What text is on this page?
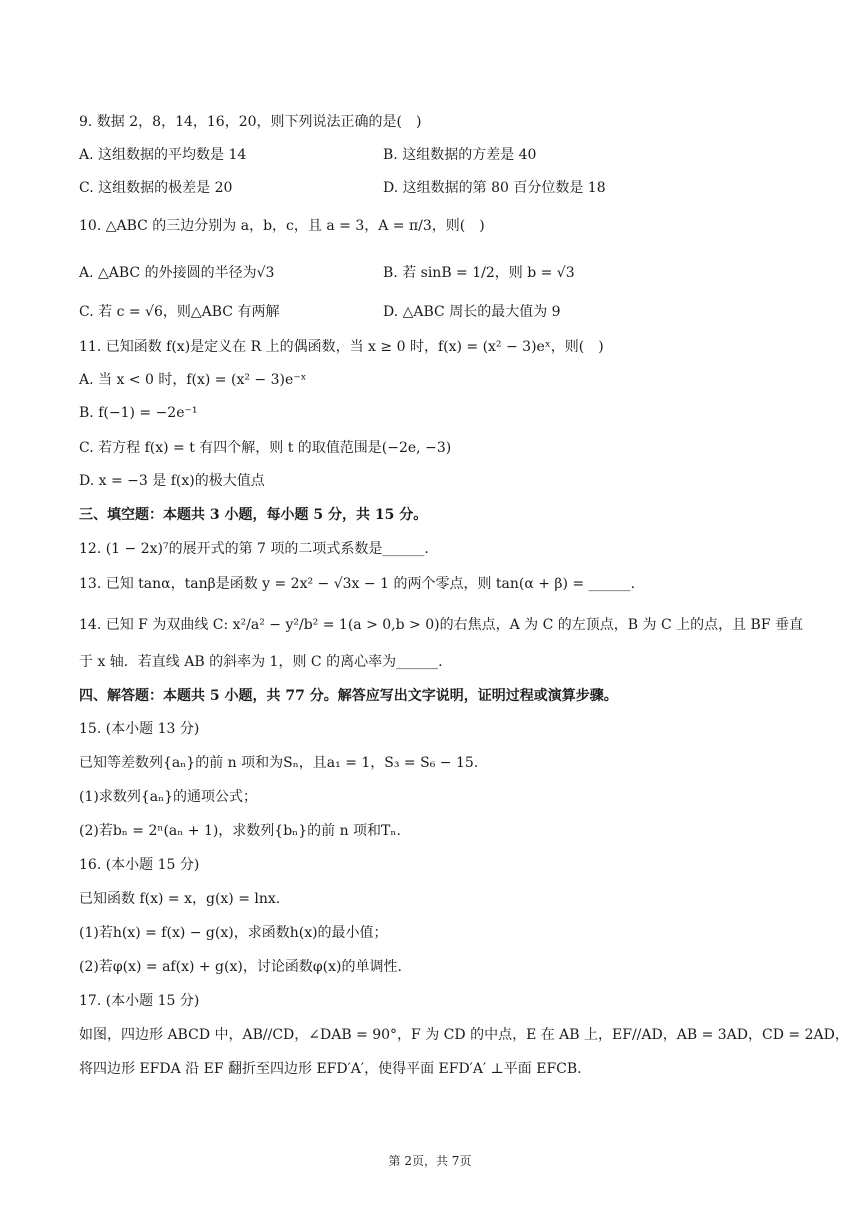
9. 数据 2，8，14，16，20，则下列说法正确的是(　)
A. 这组数据的平均数是 14	B. 这组数据的方差是 40
C. 这组数据的极差是 20	D. 这组数据的第 80 百分位数是 18
10. △ABC 的三边分别为 a，b，c，且 a = 3，A = π/3，则(　)
A. △ABC 的外接圆的半径为√3	B. 若 sinB = 1/2，则 b = √3
C. 若 c = √6，则△ABC 有两解	D. △ABC 周长的最大值为 9
11. 已知函数 f(x)是定义在 R 上的偶函数，当 x ≥ 0 时，f(x) = (x² − 3)eˣ，则(　)
A. 当 x < 0 时，f(x) = (x² − 3)e⁻ˣ
B. f(−1) = −2e⁻¹
C. 若方程 f(x) = t 有四个解，则 t 的取值范围是(−2e, −3)
D. x = −3 是 f(x)的极大值点
三、填空题：本题共 3 小题，每小题 5 分，共 15 分。
12. (1 − 2x)⁷的展开式的第 7 项的二项式系数是______.
13. 已知 tanα，tanβ是函数 y = 2x² − √3x − 1 的两个零点，则 tan(α + β) = ______.
14. 已知 F 为双曲线 C: x²/a² − y²/b² = 1(a > 0,b > 0)的右焦点，A 为 C 的左顶点，B 为 C 上的点，且 BF 垂直
于 x 轴．若直线 AB 的斜率为 1，则 C 的离心率为______.
四、解答题：本题共 5 小题，共 77 分。解答应写出文字说明，证明过程或演算步骤。
15. (本小题 13 分)
已知等差数列{aₙ}的前 n 项和为Sₙ，且a₁ = 1，S₃ = S₆ − 15.
(1)求数列{aₙ}的通项公式；
(2)若bₙ = 2ⁿ(aₙ + 1)，求数列{bₙ}的前 n 项和Tₙ.
16. (本小题 15 分)
已知函数 f(x) = x，g(x) = lnx.
(1)若h(x) = f(x) − g(x)，求函数h(x)的最小值；
(2)若φ(x) = af(x) + g(x)，讨论函数φ(x)的单调性.
17. (本小题 15 分)
如图，四边形 ABCD 中，AB//CD，∠DAB = 90°，F 为 CD 的中点，E 在 AB 上，EF//AD，AB = 3AD，CD = 2AD，
将四边形 EFDA 沿 EF 翻折至四边形 EFD′A′，使得平面 EFD′A′ ⊥平面 EFCB.
第 2页，共 7页
